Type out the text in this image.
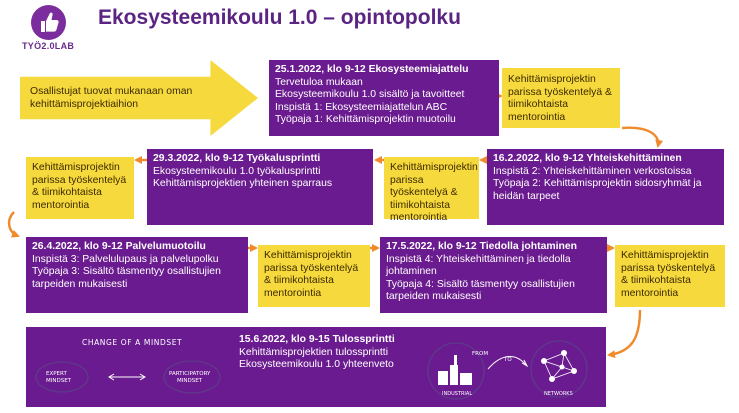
TYÖ2.0LAB
Ekosysteemikoulu 1.0 – opintopolku
Osallistujat tuovat mukanaan oman kehittämisprojektiaihion
25.1.2022, klo 9-12 Ekosysteemiajattelu
Tervetuloa mukaan
Ekosysteemikoulu 1.0 sisältö ja tavoitteet
Inspistä 1: Ekosysteemiajattelun ABC
Työpaja 1: Kehittämisprojektin muotoilu
Kehittämisprojektin parissa työskentelyä & tiimikohtaista mentorointia
16.2.2022, klo 9-12 Yhteiskehittäminen
Inspistä 2: Yhteiskehittäminen verkostoissa
Työpaja 2: Kehittämisprojektin sidosryhmät ja heidän tarpeet
Kehittämisprojektin parissa työskentelyä & tiimikohtaista mentorointia
29.3.2022, klo 9-12 Työkalusprintti
Ekosysteemikoulu 1.0 työkalusprintti
Kehittämisprojektien yhteinen sparraus
Kehittämisprojektin parissa työskentelyä & tiimikohtaista mentorointia
26.4.2022, klo 9-12 Palvelumuotoilu
Inspistä 3: Palvelulupaus ja palvelupolku
Työpaja 3: Sisältö täsmentyy osallistujien tarpeiden mukaisesti
Kehittämisprojektin parissa työskentelyä & tiimikohtaista mentorointia
17.5.2022, klo 9-12 Tiedolla johtaminen
Inspistä 4: Yhteiskehittäminen ja tiedolla johtaminen
Työpaja 4: Sisältö täsmentyy osallistujien tarpeiden mukaisesti
Kehittämisprojektin parissa työskentelyä & tiimikohtaista mentorointia
15.6.2022, klo 9-15 Tulossprintti
Kehittämisprojektien tulossprintti
Ekosysteemikoulu 1.0 yhteenveto
CHANGE OF A MINDSET
EXPERT
MINDSET
PARTICIPATORY
MINDSET
FROM
INDUSTRIAL
TO
NETWORKS
